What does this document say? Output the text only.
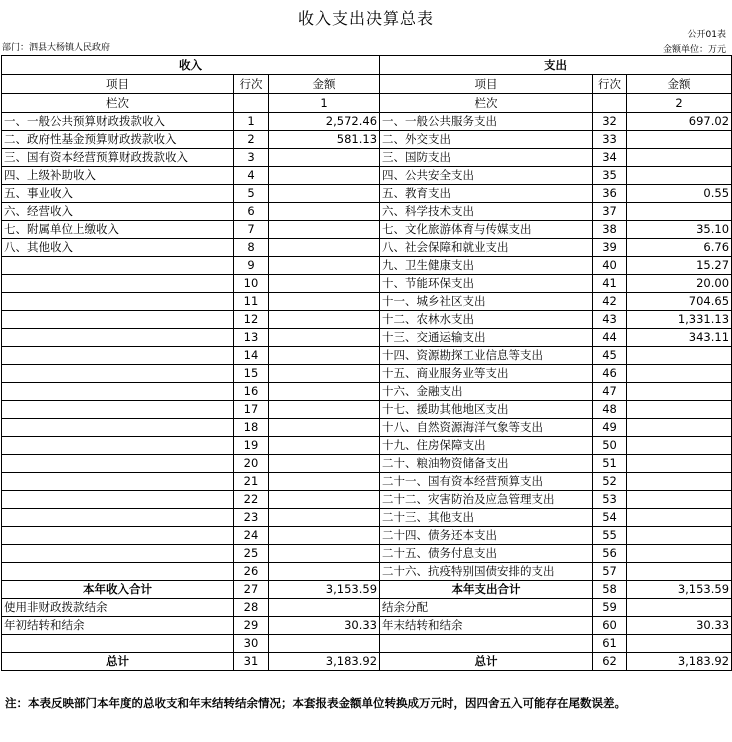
收入支出决算总表
公开01表
部门：泗县大杨镇人民政府	金额单位：万元
收入			支出		
项目	行次	金额	项目	行次	金额
栏次		1	栏次		2
一、一般公共预算财政拨款收入	1	2,572.46	一、一般公共服务支出	32	697.02
二、政府性基金预算财政拨款收入	2	581.13	二、外交支出	33	
三、国有资本经营预算财政拨款收入	3		三、国防支出	34	
四、上级补助收入	4		四、公共安全支出	35	
五、事业收入	5		五、教育支出	36	0.55
六、经营收入	6		六、科学技术支出	37	
七、附属单位上缴收入	7		七、文化旅游体育与传媒支出	38	35.10
八、其他收入	8		八、社会保障和就业支出	39	6.76
	9		九、卫生健康支出	40	15.27
	10		十、节能环保支出	41	20.00
	11		十一、城乡社区支出	42	704.65
	12		十二、农林水支出	43	1,331.13
	13		十三、交通运输支出	44	343.11
	14		十四、资源勘探工业信息等支出	45	
	15		十五、商业服务业等支出	46	
	16		十六、金融支出	47	
	17		十七、援助其他地区支出	48	
	18		十八、自然资源海洋气象等支出	49	
	19		十九、住房保障支出	50	
	20		二十、粮油物资储备支出	51	
	21		二十一、国有资本经营预算支出	52	
	22		二十二、灾害防治及应急管理支出	53	
	23		二十三、其他支出	54	
	24		二十四、债务还本支出	55	
	25		二十五、债务付息支出	56	
	26		二十六、抗疫特别国债安排的支出	57	
本年收入合计	27	3,153.59	本年支出合计	58	3,153.59
使用非财政拨款结余	28		结余分配	59	
年初结转和结余	29	30.33	年末结转和结余	60	30.33
	30			61	
总计	31	3,183.92	总计	62	3,183.92
注：本表反映部门本年度的总收支和年末结转结余情况；本套报表金额单位转换成万元时，因四舍五入可能存在尾数误差。
